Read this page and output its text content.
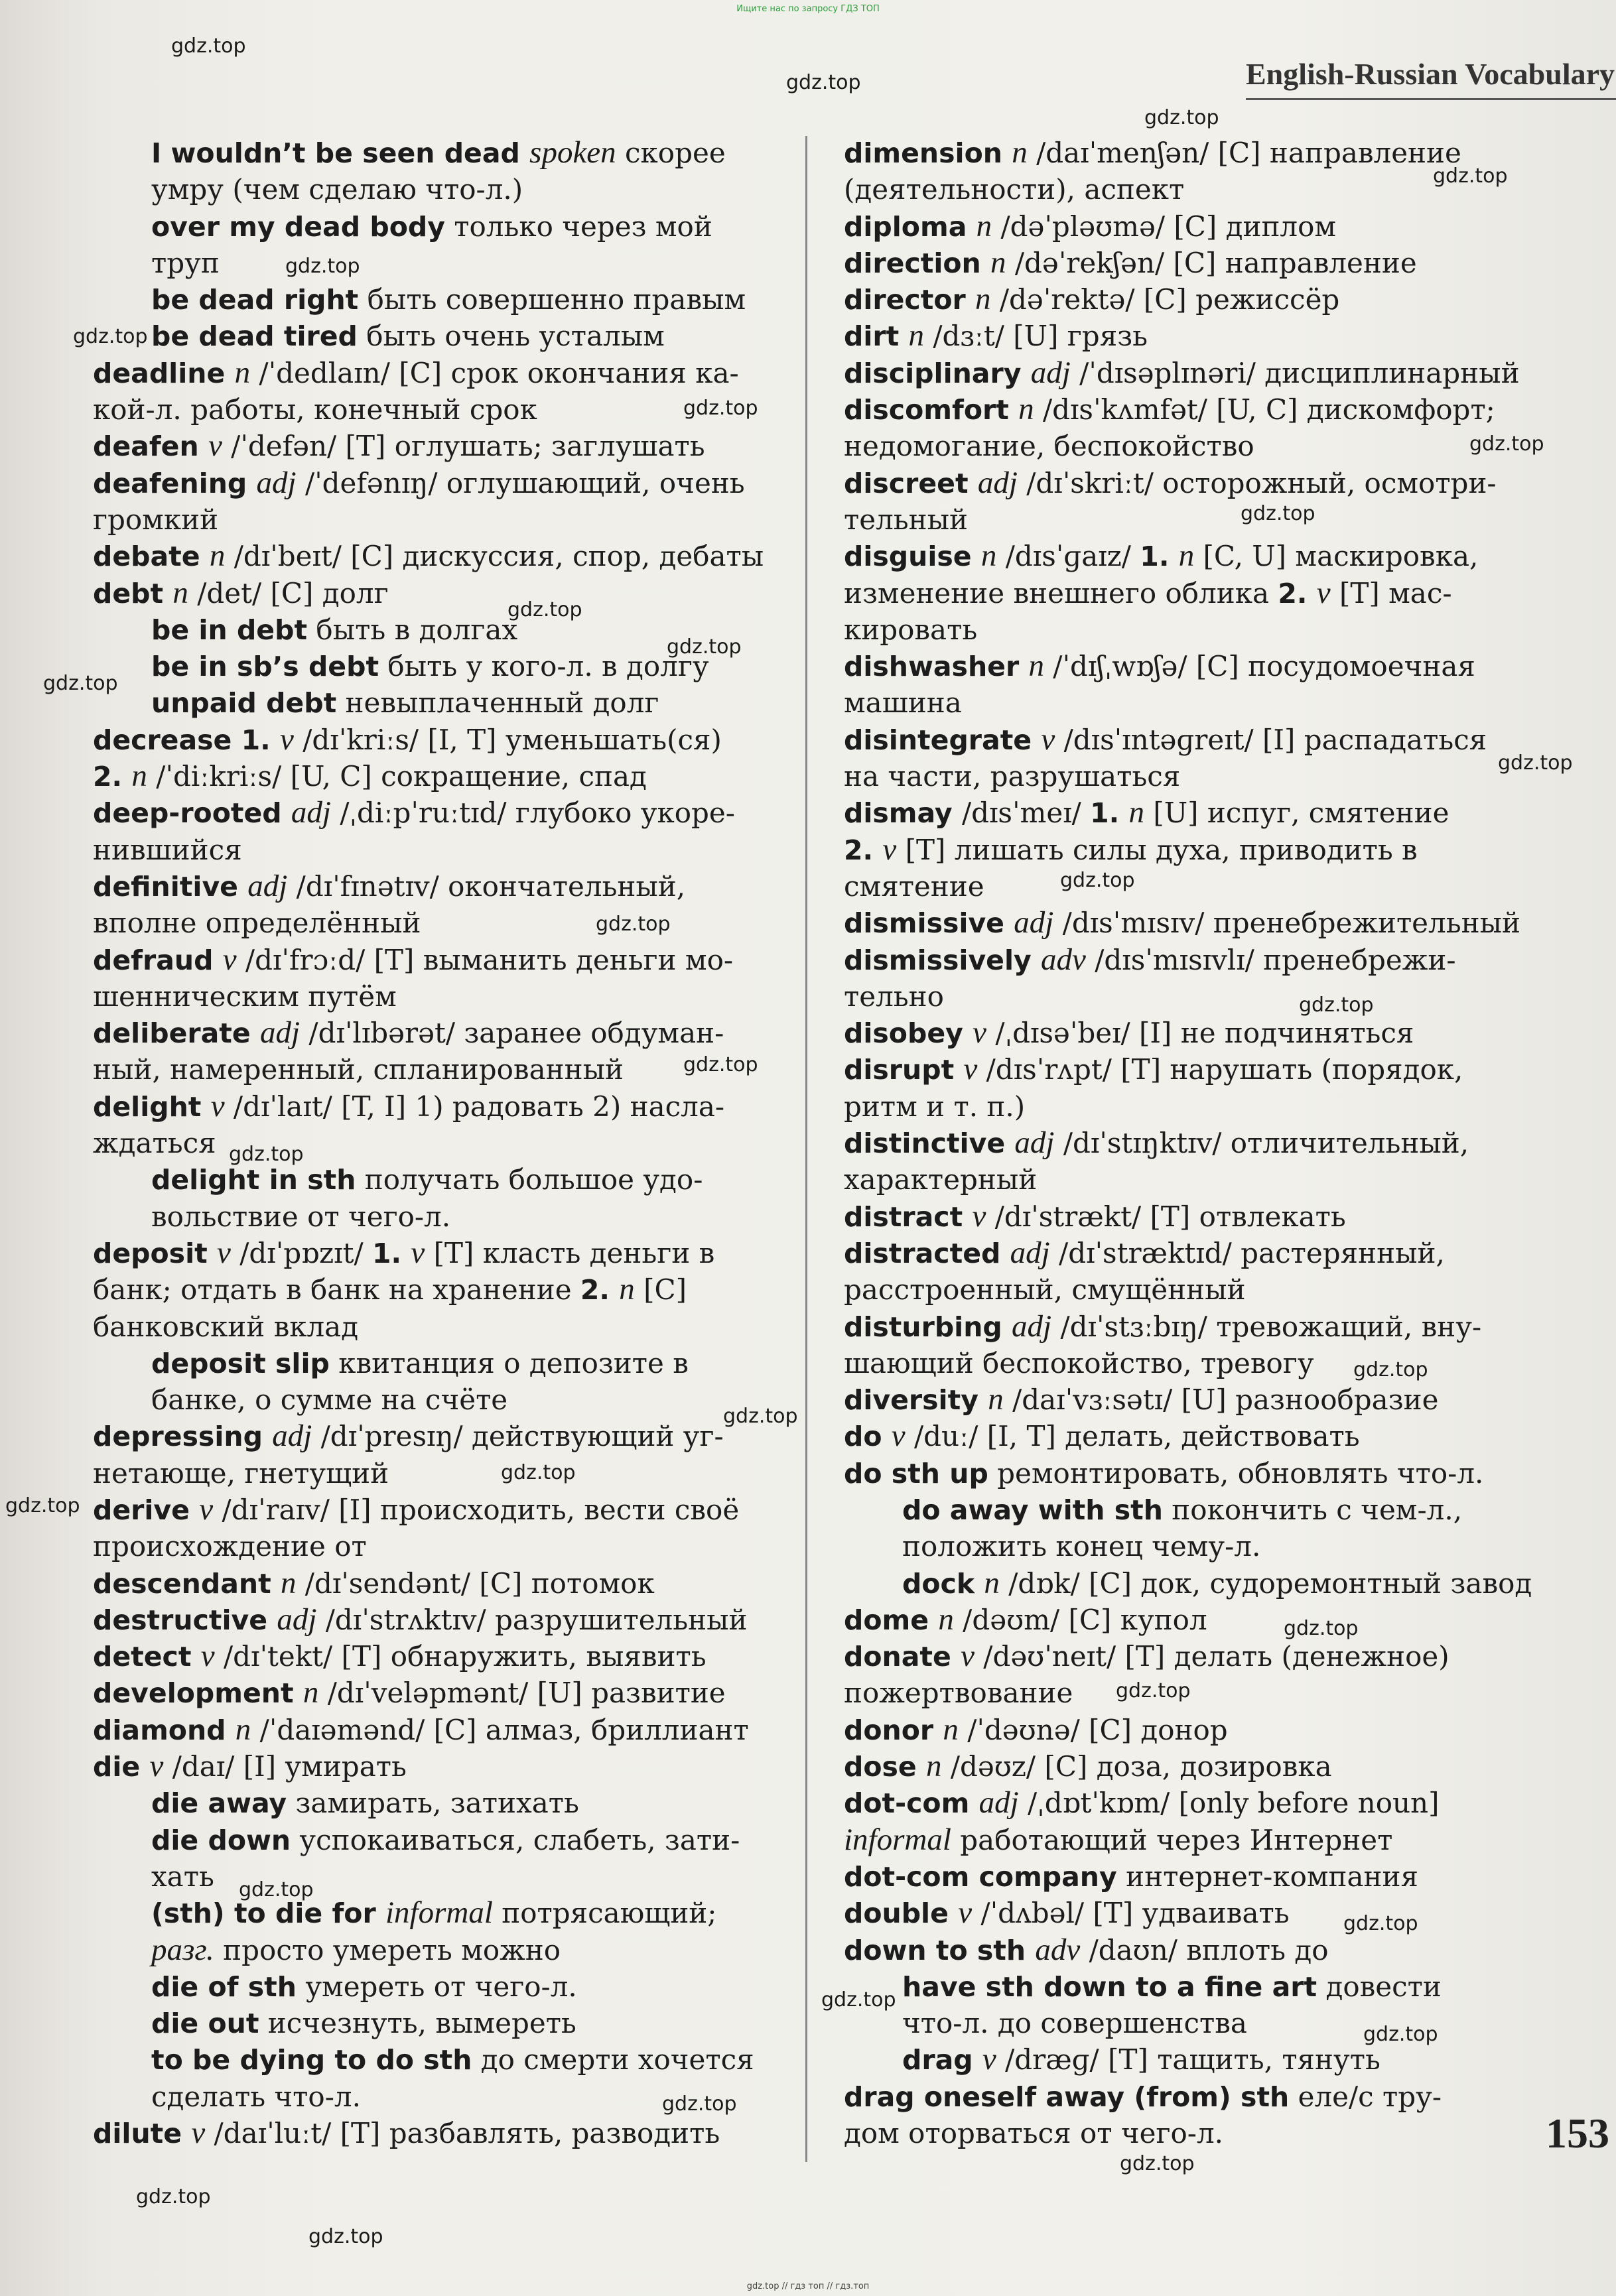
Ищите нас по запросу ГДЗ ТОП
English-Russian Vocabulary
I wouldn’t be seen dead spoken скорее
умру (чем сделаю что-л.)
over my dead body только через мой
труп
be dead right быть совершенно правым
be dead tired быть очень усталым
deadline n /ˈdedlaɪn/ [C] срок окончания ка-
кой-л. работы, конечный срок
deafen v /ˈdefən/ [T] оглушать; заглушать
deafening adj /ˈdefənɪŋ/ оглушающий, очень
громкий
debate n /dɪˈbeɪt/ [C] дискуссия, спор, дебаты
debt n /det/ [C] долг
be in debt быть в долгах
be in sb’s debt быть у кого-л. в долгу
unpaid debt невыплаченный долг
decrease 1. v /dɪˈkriːs/ [I, T] уменьшать(ся)
2. n /ˈdiːkriːs/ [U, C] сокращение, спад
deep-rooted adj /ˌdiːpˈruːtɪd/ глубоко укоре-
нившийся
definitive adj /dɪˈfɪnətɪv/ окончательный,
вполне определённый
defraud v /dɪˈfrɔːd/ [T] выманить деньги мо-
шенническим путём
deliberate adj /dɪˈlɪbərət/ заранее обдуман-
ный, намеренный, спланированный
delight v /dɪˈlaɪt/ [T, I] 1) радовать 2) насла-
ждаться
delight in sth получать большое удо-
вольствие от чего-л.
deposit v /dɪˈpɒzɪt/ 1. v [T] класть деньги в
банк; отдать в банк на хранение 2. n [C]
банковский вклад
deposit slip квитанция о депозите в
банке, о сумме на счёте
depressing adj /dɪˈpresɪŋ/ действующий уг-
нетающе, гнетущий
derive v /dɪˈraɪv/ [I] происходить, вести своё
происхождение от
descendant n /dɪˈsendənt/ [C] потомок
destructive adj /dɪˈstrʌktɪv/ разрушительный
detect v /dɪˈtekt/ [T] обнаружить, выявить
development n /dɪˈveləpmənt/ [U] развитие
diamond n /ˈdaɪəmənd/ [C] алмаз, бриллиант
die v /daɪ/ [I] умирать
die away замирать, затихать
die down успокаиваться, слабеть, зати-
хать
(sth) to die for informal потрясающий;
разг. просто умереть можно
die of sth умереть от чего-л.
die out исчезнуть, вымереть
to be dying to do sth до смерти хочется
сделать что-л.
dilute v /daɪˈluːt/ [T] разбавлять, разводить
dimension n /daɪˈmenʃən/ [C] направление
(деятельности), аспект
diploma n /dəˈpləʊmə/ [C] диплом
direction n /dəˈrekʃən/ [C] направление
director n /dəˈrektə/ [C] режиссёр
dirt n /dɜːt/ [U] грязь
disciplinary adj /ˈdɪsəplɪnəri/ дисциплинарный
discomfort n /dɪsˈkʌmfət/ [U, C] дискомфорт;
недомогание, беспокойство
discreet adj /dɪˈskriːt/ осторожный, осмотри-
тельный
disguise n /dɪsˈɡaɪz/ 1. n [C, U] маскировка,
изменение внешнего облика 2. v [T] мас-
кировать
dishwasher n /ˈdɪʃˌwɒʃə/ [C] посудомоечная
машина
disintegrate v /dɪsˈɪntəɡreɪt/ [I] распадаться
на части, разрушаться
dismay /dɪsˈmeɪ/ 1. n [U] испуг, смятение
2. v [T] лишать силы духа, приводить в
смятение
dismissive adj /dɪsˈmɪsɪv/ пренебрежительный
dismissively adv /dɪsˈmɪsɪvlɪ/ пренебрежи-
тельно
disobey v /ˌdɪsəˈbeɪ/ [I] не подчиняться
disrupt v /dɪsˈrʌpt/ [T] нарушать (порядок,
ритм и т. п.)
distinctive adj /dɪˈstɪŋktɪv/ отличительный,
характерный
distract v /dɪˈstrækt/ [T] отвлекать
distracted adj /dɪˈstræktɪd/ растерянный,
расстроенный, смущённый
disturbing adj /dɪˈstɜːbɪŋ/ тревожащий, вну-
шающий беспокойство, тревогу
diversity n /daɪˈvɜːsətɪ/ [U] разнообразие
do v /duː/ [I, T] делать, действовать
do sth up ремонтировать, обновлять что-л.
do away with sth покончить с чем-л.,
положить конец чему-л.
dock n /dɒk/ [C] док, судоремонтный завод
dome n /dəʊm/ [C] купол
donate v /dəʊˈneɪt/ [T] делать (денежное)
пожертвование
donor n /ˈdəʊnə/ [C] донор
dose n /dəʊz/ [C] доза, дозировка
dot-com adj /ˌdɒtˈkɒm/ [only before noun]
informal работающий через Интернет
dot-com company интернет-компания
double v /ˈdʌbəl/ [T] удваивать
down to sth adv /daʊn/ вплоть до
have sth down to a fine art довести
что-л. до совершенства
drag v /dræɡ/ [T] тащить, тянуть
drag oneself away (from) sth еле/с тру-
дом оторваться от чего-л.	153
gdz.top // гдз топ // гдз.топ
gdz.top
gdz.top
gdz.top
gdz.top
gdz.top
gdz.top
gdz.top
gdz.top
gdz.top
gdz.top
gdz.top
gdz.top
gdz.top
gdz.top
gdz.top
gdz.top
gdz.top
gdz.top
gdz.top
gdz.top
gdz.top
gdz.top
gdz.top
gdz.top
gdz.top
gdz.top
gdz.top
gdz.top
gdz.top
gdz.top
gdz.top
gdz.top
